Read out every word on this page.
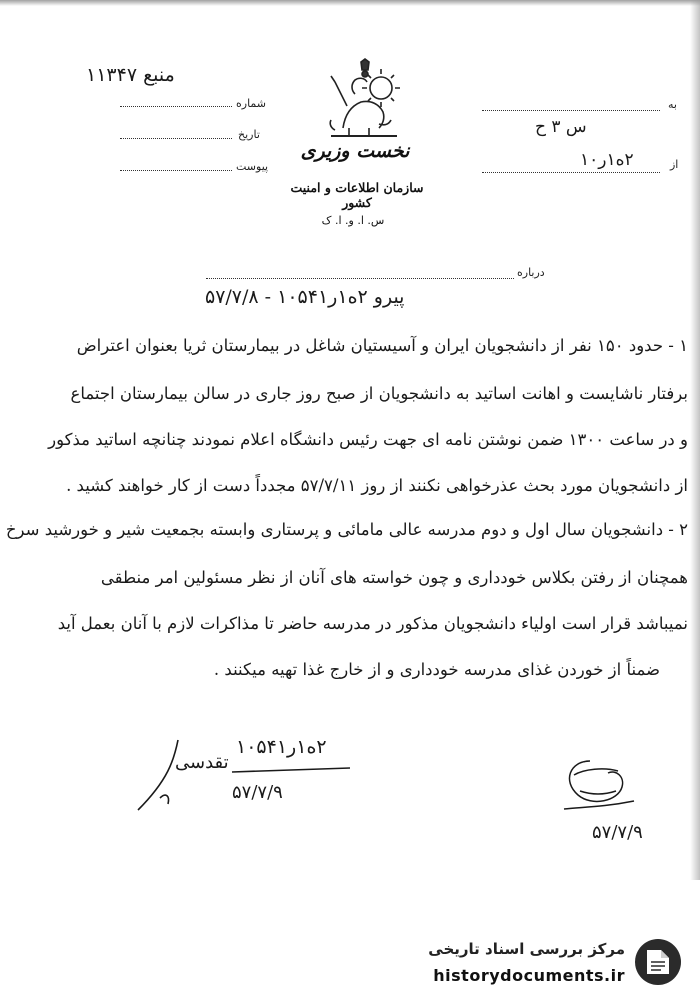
منبع ۱۱۳۴۷
شماره
تاریخ
پیوست
به
س ۳ ح
از
۲ه۱ر۱۰
نخست وزیری
سازمان اطلاعات و امنیت کشور
س. ا. و. ا. ک
درباره
پیرو ۲ه۱ر۱۰۵۴۱ - ۵۷/۷/۸
۱ - حدود ۱۵۰ نفر از دانشجویان ایران و آسیستیان شاغل در بیمارستان ثریا بعنوان اعتراض
برفتار ناشایست و اهانت اساتید به دانشجویان از صبح روز جاری در سالن بیمارستان اجتماع
و در ساعت ۱۳۰۰ ضمن نوشتن نامه ای جهت رئیس دانشگاه اعلام نمودند چنانچه اساتید مذکور
از دانشجویان مورد بحث عذرخواهی نکنند از روز ۵۷/۷/۱۱ مجدداً دست از کار خواهند کشید .
۲ - دانشجویان سال اول و دوم مدرسه عالی مامائی و پرستاری وابسته بجمعیت شیر و خورشید سرخ
همچنان از رفتن بکلاس خودداری و چون خواسته های آنان از نظر مسئولین امر منطقی
نمیباشد قرار است اولیاء دانشجویان مذکور در مدرسه حاضر تا مذاکرات لازم با آنان بعمل آید
ضمناً از خوردن غذای مدرسه خودداری و از خارج غذا تهیه میکنند .
۲ه۱ر۱۰۵۴۱
تقدسی
۵۷/۷/۹
۵۷/۷/۹
مرکز بررسی اسناد تاریخی
historydocuments.ir
